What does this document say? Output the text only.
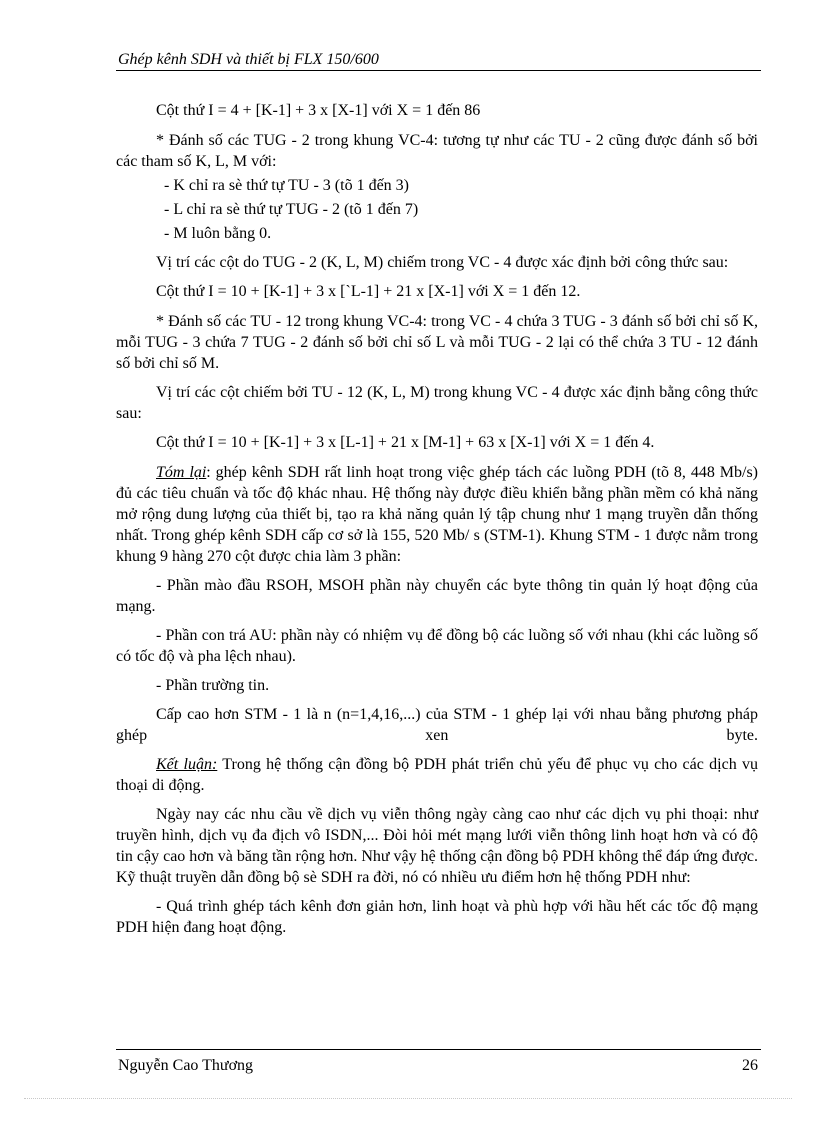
Ghép kênh SDH và thiết bị FLX 150/600

Cột thứ I = 4 + [K-1] + 3 x [X-1] với X = 1 đến 86

* Đánh số các TUG - 2 trong khung VC-4: tương tự như các TU - 2 cũng được đánh số bởi các tham số K, L, M với:

- K chỉ ra sè thứ tự TU - 3 (tõ 1 đến 3)

- L chỉ ra sè thứ tự TUG - 2 (tõ 1 đến 7)

- M luôn bằng 0.

Vị trí các cột do TUG - 2 (K, L, M) chiếm trong VC - 4 được xác định bởi công thức sau:

Cột thứ I = 10 + [K-1] + 3 x [`L-1] + 21 x [X-1] với X = 1 đến 12.

* Đánh số các TU - 12 trong khung VC-4: trong VC - 4 chứa 3 TUG - 3 đánh số bởi chỉ số K, mỗi TUG - 3 chứa 7 TUG - 2 đánh số bởi chỉ số L và mỗi TUG - 2 lại có thể chứa 3 TU - 12 đánh số bởi chỉ số M.

Vị trí các cột chiếm bởi TU - 12 (K, L, M) trong khung VC - 4 được xác định bằng công thức sau:

Cột thứ I = 10 + [K-1] + 3 x [L-1] + 21 x [M-1] + 63 x [X-1] với X = 1 đến 4.

Tóm lại: ghép kênh SDH rất linh hoạt trong việc ghép tách các luồng PDH (tõ 8, 448 Mb/s) đủ các tiêu chuẩn và tốc độ khác nhau. Hệ thống này được điều khiển bằng phần mềm có khả năng mở rộng dung lượng của thiết bị, tạo ra khả năng quản lý tập chung như 1 mạng truyền dẫn thống nhất. Trong ghép kênh SDH cấp cơ sở là 155, 520 Mb/ s (STM-1). Khung STM - 1 được nằm trong khung 9 hàng 270 cột được chia làm 3 phần:

- Phần mào đầu RSOH, MSOH phần này chuyển các byte thông tin quản lý hoạt động của mạng.

- Phần con trá AU: phần này có nhiệm vụ để đồng bộ các luồng số với nhau (khi các luồng số có tốc độ và pha lệch nhau).

- Phần trường tin.

Cấp cao hơn STM - 1 là n (n=1,4,16,...) của STM - 1 ghép lại với nhau bằng phương pháp ghép xen byte.

Kết luận: Trong hệ thống cận đồng bộ PDH phát triển chủ yếu để phục vụ cho các dịch vụ thoại di động.

Ngày nay các nhu cầu về dịch vụ viễn thông ngày càng cao như các dịch vụ phi thoại: như truyền hình, dịch vụ đa địch vô ISDN,... Đòi hỏi mét mạng lưới viễn thông linh hoạt hơn và có độ tin cậy cao hơn và băng tần rộng hơn. Như vậy hệ thống cận đồng bộ PDH không thể đáp ứng được. Kỹ thuật truyền dẫn đồng bộ sè SDH ra đời, nó có nhiều ưu điểm hơn hệ thống PDH như:

- Quá trình ghép tách kênh đơn giản hơn, linh hoạt và phù hợp với hầu hết các tốc độ mạng PDH hiện đang hoạt động.

Nguyễn Cao Thương	26
